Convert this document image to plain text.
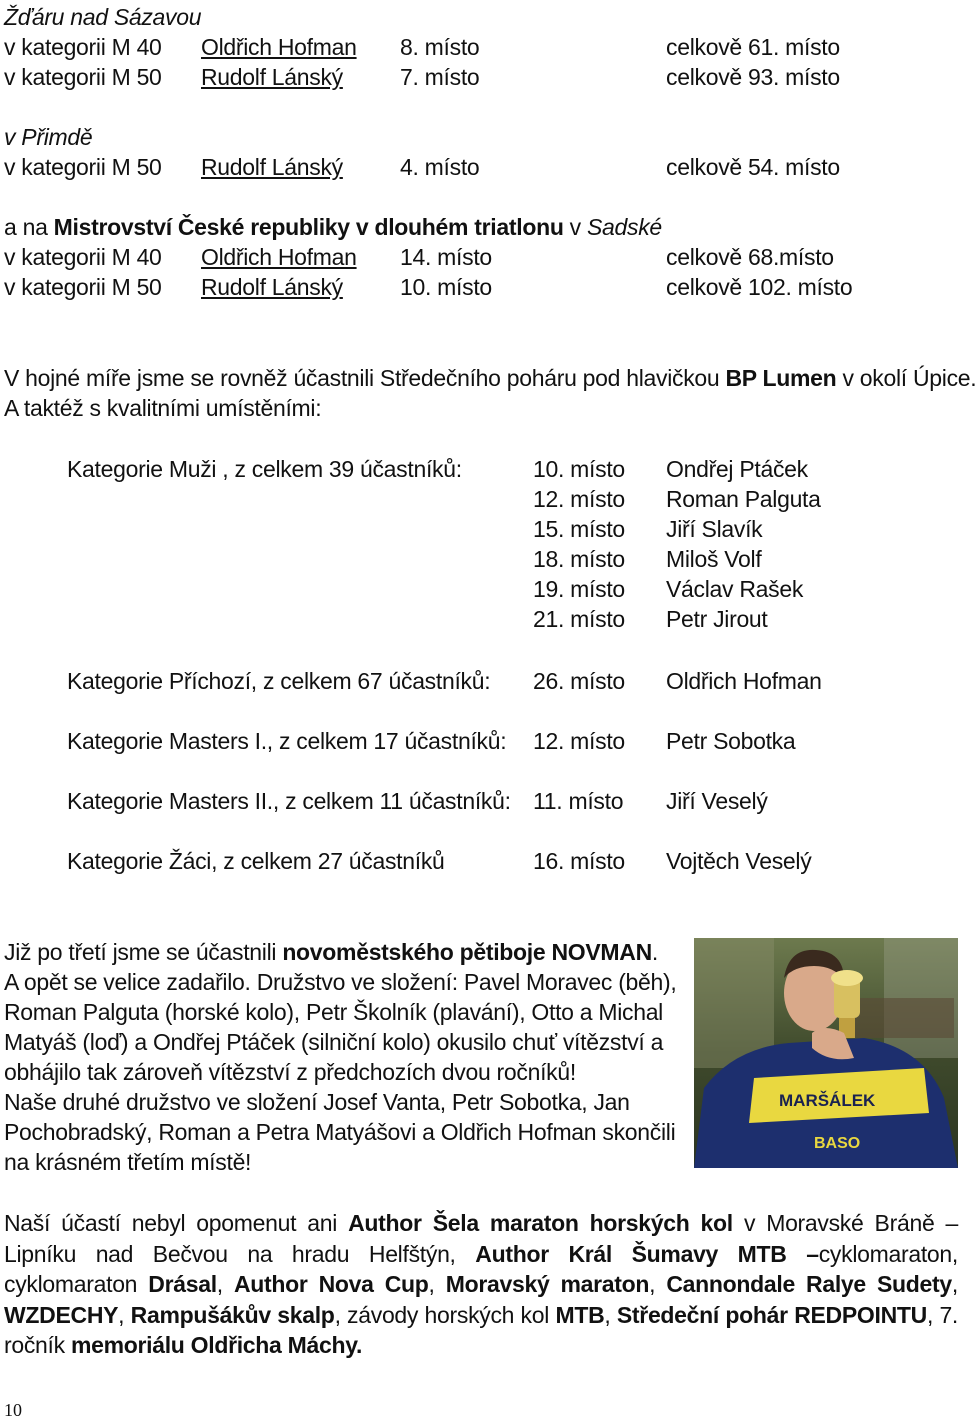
Žďáru nad Sázavou
v kategorii M 40 Oldřich Hofman 8. místo	celkově 61. místo
v kategorii M 50 Rudolf Lánský 7. místo	celkově 93. místo
v Přimdě
v kategorii M 50 Rudolf Lánský 4. místo	celkově 54. místo
a na Mistrovství České republiky v dlouhém triatlonu v Sadské
v kategorii M 40 Oldřich Hofman 14. místo	celkově 68.místo
v kategorii M 50 Rudolf Lánský 10. místo	celkově 102. místo
V hojné míře jsme se rovněž účastnili Středečního poháru pod hlavičkou BP Lumen v okolí Úpice.
A taktéž s kvalitními umístěními:
Kategorie Muži , z celkem 39 účastníků:	10. místo Ondřej Ptáček
12. místo Roman Palguta
15. místo Jiří Slavík
18. místo Miloš Volf
19. místo Václav Rašek
21. místo Petr Jirout
Kategorie Příchozí, z celkem 67 účastníků: 26. místo Oldřich Hofman
Kategorie Masters I., z celkem 17 účastníků: 12. místo Petr Sobotka
Kategorie Masters II., z celkem 11 účastníků: 11. místo Jiří Veselý
Kategorie Žáci, z celkem 27 účastníků	16. místo Vojtěch Veselý
Již po třetí jsme se účastnili novoměstského pětiboje NOVMAN.
A opět se velice zadařilo. Družstvo ve složení: Pavel Moravec (běh),
Roman Palguta (horské kolo), Petr Školník (plavání), Otto a Michal
Matyáš (loď) a Ondřej Ptáček (silniční kolo) okusilo chuť vítězství a
obhájilo tak zároveň vítězství z předchozích dvou ročníků!
Naše druhé družstvo ve složení Josef Vanta, Petr Sobotka, Jan
Pochobradský, Roman a Petra Matyášovi a Oldřich Hofman skončili
na krásném třetím místě!
MARŠÁLEK
BASO
Naší účastí nebyl opomenut ani Author Šela maraton horských kol v Moravské Bráně – Lipníku nad Bečvou na hradu Helfštýn, Author Král Šumavy MTB –cyklomaraton, cyklomaraton Drásal, Author Nova Cup, Moravský maraton, Cannondale Ralye Sudety, WZDECHY, Rampušákův skalp, závody horských kol MTB, Středeční pohár REDPOINTU, 7. ročník memoriálu Oldřicha Máchy.
10
